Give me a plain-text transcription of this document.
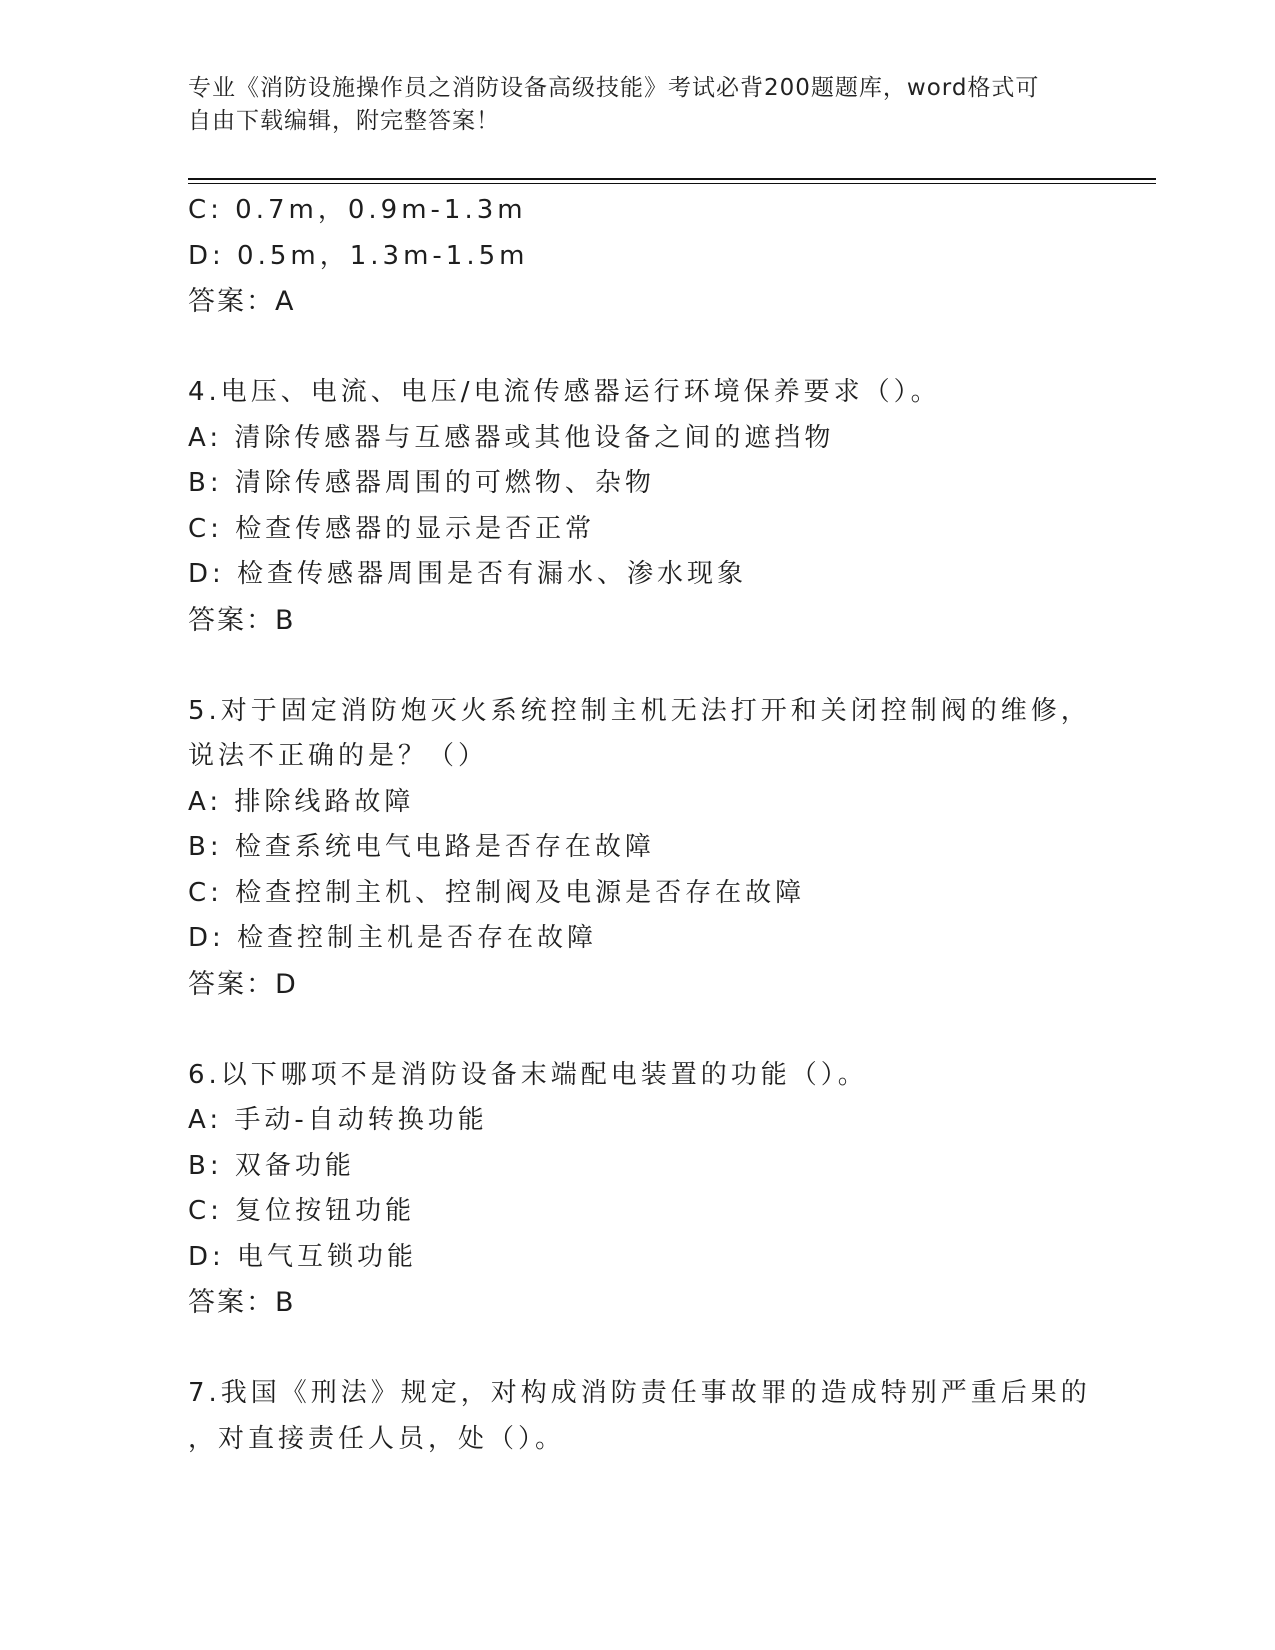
专业《消防设施操作员之消防设备高级技能》考试必背200题题库，word格式可
自由下载编辑，附完整答案！
C: 0.7m，0.9m-1.3m
D: 0.5m，1.3m-1.5m
答案：A
4.电压、电流、电压/电流传感器运行环境保养要求（）。
A: 清除传感器与互感器或其他设备之间的遮挡物
B: 清除传感器周围的可燃物、杂物
C: 检查传感器的显示是否正常
D: 检查传感器周围是否有漏水、渗水现象
答案：B
5.对于固定消防炮灭火系统控制主机无法打开和关闭控制阀的维修，
说法不正确的是？（）
A: 排除线路故障
B: 检查系统电气电路是否存在故障
C: 检查控制主机、控制阀及电源是否存在故障
D: 检查控制主机是否存在故障
答案：D
6.以下哪项不是消防设备末端配电装置的功能（）。
A: 手动-自动转换功能
B: 双备功能
C: 复位按钮功能
D: 电气互锁功能
答案：B
7.我国《刑法》规定，对构成消防责任事故罪的造成特别严重后果的
，对直接责任人员，处（）。
